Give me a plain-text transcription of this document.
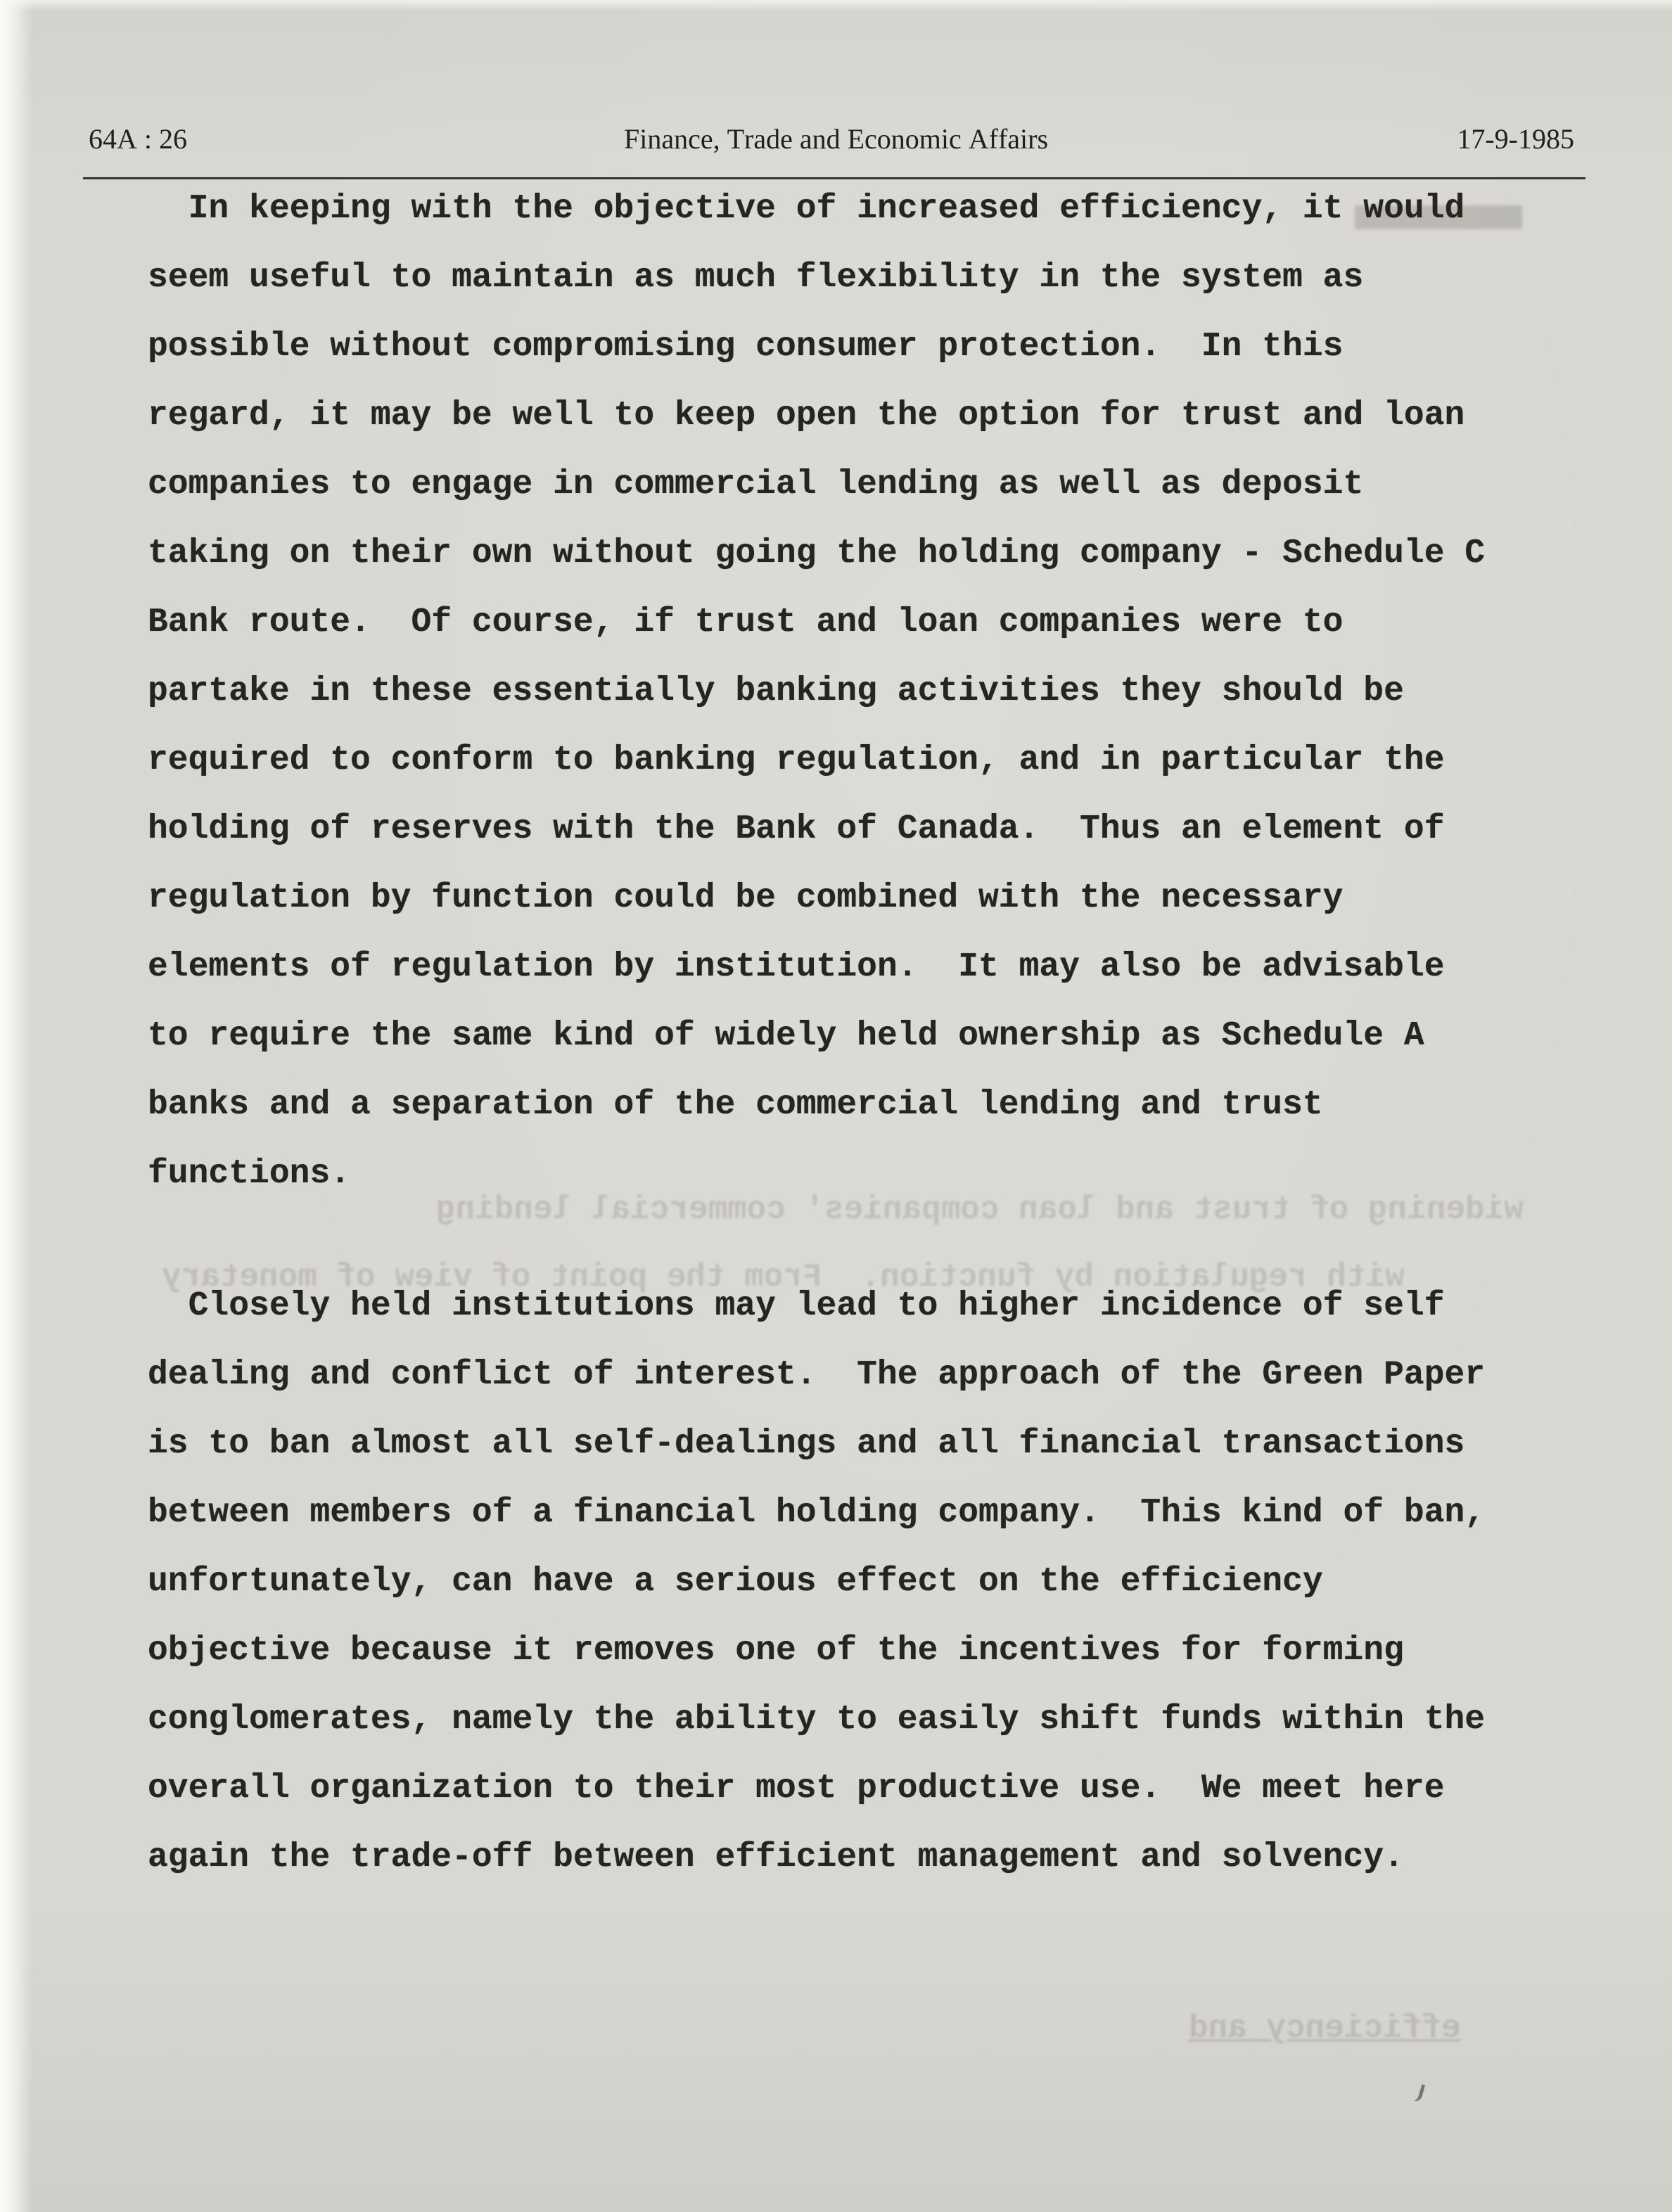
64A : 26	Finance, Trade and Economic Affairs	17-9-1985
In keeping with the objective of increased efficiency, it would
seem useful to maintain as much flexibility in the system as
possible without compromising consumer protection.  In this
regard, it may be well to keep open the option for trust and loan
companies to engage in commercial lending as well as deposit
taking on their own without going the holding company - Schedule C
Bank route.  Of course, if trust and loan companies were to
partake in these essentially banking activities they should be
required to conform to banking regulation, and in particular the
holding of reserves with the Bank of Canada.  Thus an element of
regulation by function could be combined with the necessary
elements of regulation by institution.  It may also be advisable
to require the same kind of widely held ownership as Schedule A
banks and a separation of the commercial lending and trust
functions.
Closely held institutions may lead to higher incidence of self
dealing and conflict of interest.  The approach of the Green Paper
is to ban almost all self-dealings and all financial transactions
between members of a financial holding company.  This kind of ban,
unfortunately, can have a serious effect on the efficiency
objective because it removes one of the incentives for forming
conglomerates, namely the ability to easily shift funds within the
overall organization to their most productive use.  We meet here
again the trade-off between efficient management and solvency.
widening of trust and loan companies' commercial lending
with regulation by function.  From the point of view of monetary
efficiency and
